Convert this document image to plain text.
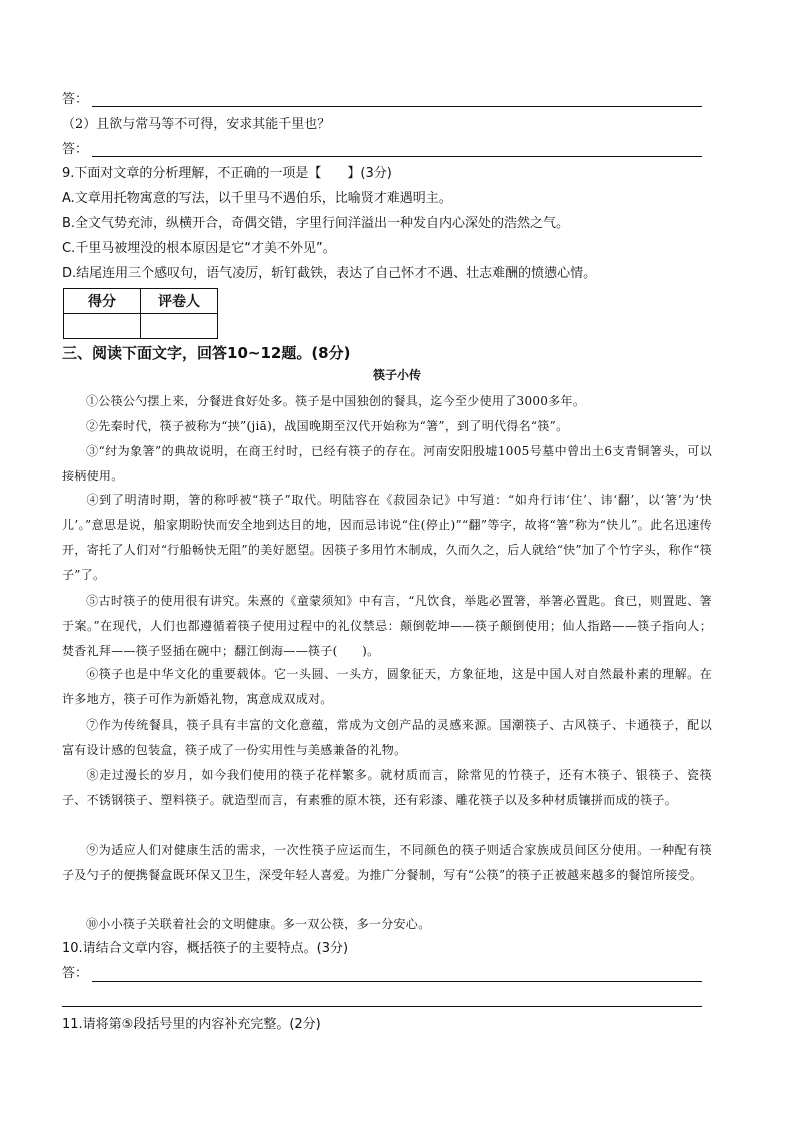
答：
（2）且欲与常马等不可得，安求其能千里也？
答：
9.下面对文章的分析理解，不正确的一项是【　　】(3分)
A.文章用托物寓意的写法，以千里马不遇伯乐，比喻贤才难遇明主。
B.全文气势充沛，纵横开合，奇偶交错，字里行间洋溢出一种发自内心深处的浩然之气。
C.千里马被埋没的根本原因是它“才美不外见”。
D.结尾连用三个感叹句，语气凌厉，斩钉截铁，表达了自己怀才不遇、壮志难酬的愤懑心情。
得分	评卷人

三、阅读下面文字，回答10~12题。(8分)
筷子小传
①公筷公勺摆上来，分餐进食好处多。筷子是中国独创的餐具，迄今至少使用了3000多年。
②先秦时代，筷子被称为“挟”(jiā)，战国晚期至汉代开始称为“箸”，到了明代得名“筷”。
③“纣为象箸”的典故说明，在商王纣时，已经有筷子的存在。河南安阳殷墟1005号墓中曾出土6支青铜箸头，可以接柄使用。
④到了明清时期，箸的称呼被“筷子”取代。明陆容在《菽园杂记》中写道：“如舟行讳‘住’、讳‘翻’，以‘箸’为‘快儿’。”意思是说，船家期盼快而安全地到达目的地，因而忌讳说“住(停止)”“翻”等字，故将“箸”称为“快儿”。此名迅速传开，寄托了人们对“行船畅快无阻”的美好愿望。因筷子多用竹木制成，久而久之，后人就给“快”加了个竹字头，称作“筷子”了。
⑤古时筷子的使用很有讲究。朱熹的《童蒙须知》中有言，“凡饮食，举匙必置箸，举箸必置匙。食已，则置匙、箸于案。”在现代，人们也都遵循着筷子使用过程中的礼仪禁忌：颠倒乾坤——筷子颠倒使用；仙人指路——筷子指向人；焚香礼拜——筷子竖插在碗中；翻江倒海——筷子(　　)。
⑥筷子也是中华文化的重要载体。它一头圆、一头方，圆象征天，方象征地，这是中国人对自然最朴素的理解。在许多地方，筷子可作为新婚礼物，寓意成双成对。
⑦作为传统餐具，筷子具有丰富的文化意蕴，常成为文创产品的灵感来源。国潮筷子、古风筷子、卡通筷子，配以富有设计感的包装盒，筷子成了一份实用性与美感兼备的礼物。
⑧走过漫长的岁月，如今我们使用的筷子花样繁多。就材质而言，除常见的竹筷子，还有木筷子、银筷子、瓷筷子、不锈钢筷子、塑料筷子。就造型而言，有素雅的原木筷，还有彩漆、雕花筷子以及多种材质镶拼而成的筷子。
⑨为适应人们对健康生活的需求，一次性筷子应运而生，不同颜色的筷子则适合家族成员间区分使用。一种配有筷子及勺子的便携餐盒既环保又卫生，深受年轻人喜爱。为推广分餐制，写有“公筷”的筷子正被越来越多的餐馆所接受。
⑩小小筷子关联着社会的文明健康。多一双公筷，多一分安心。
10.请结合文章内容，概括筷子的主要特点。(3分)
答：
11.请将第⑤段括号里的内容补充完整。(2分)
